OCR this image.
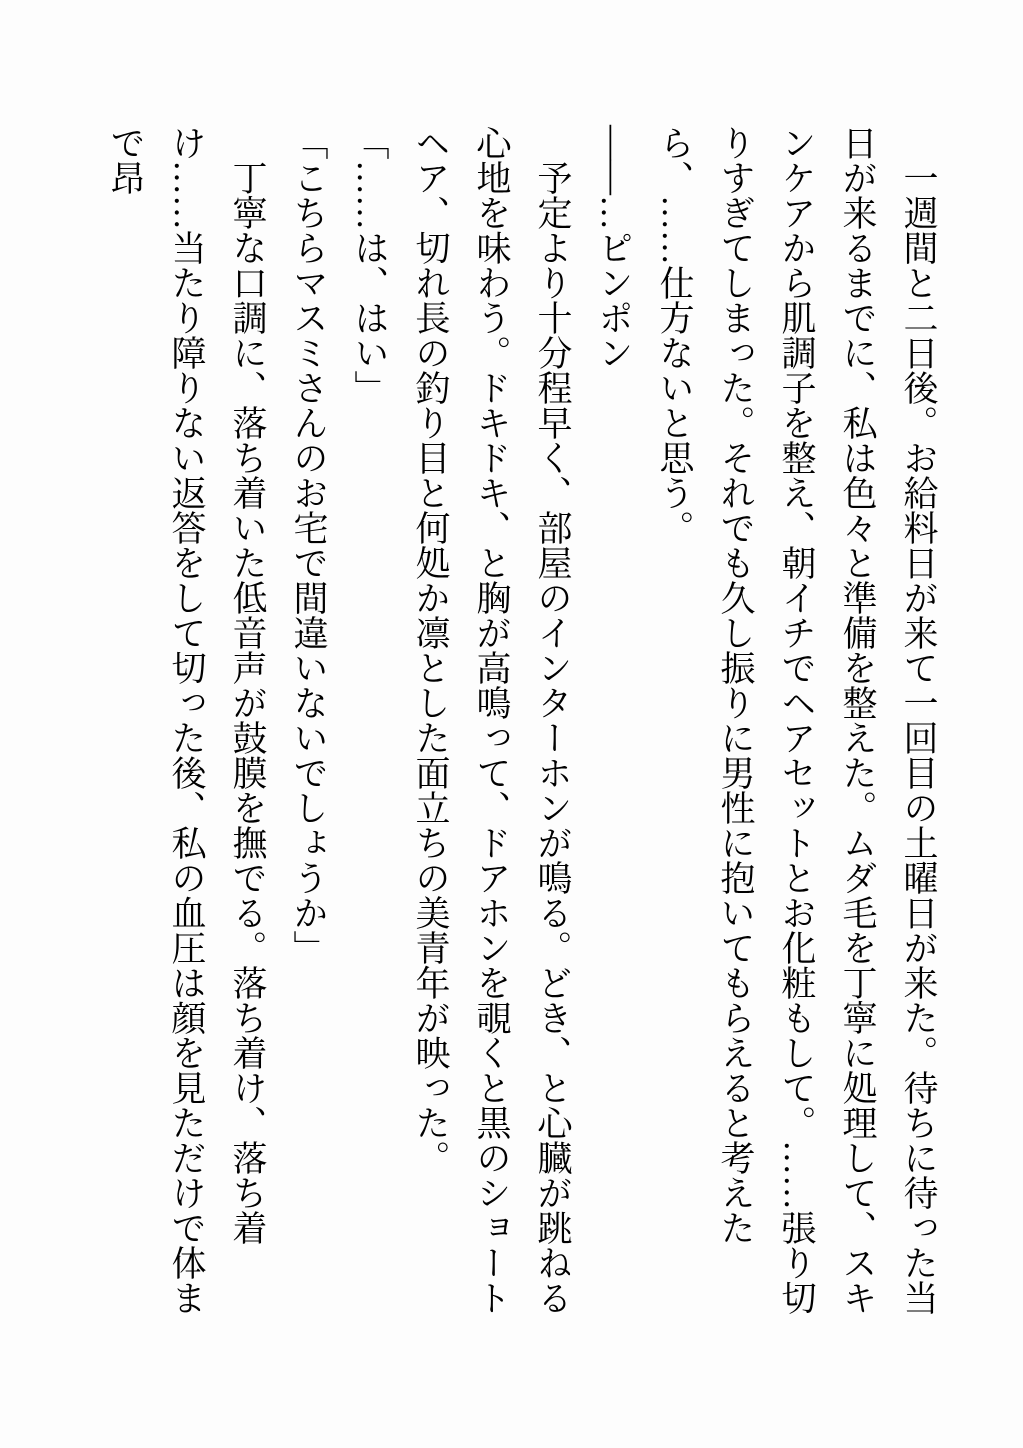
一週間と二日後。お給料日が来て一回目の土曜日が来た。待ちに待った当日が来るまでに、私は色々と準備を整えた。ムダ毛を丁寧に処理して、スキンケアから肌調子を整え、朝イチでヘアセットとお化粧もして。……張り切りすぎてしまった。それでも久し振りに男性に抱いてもらえると考えたら、……仕方ないと思う。

――…ピンポン

予定より十分程早く、部屋のインターホンが鳴る。どき、と心臓が跳ねる心地を味わう。ドキドキ、と胸が高鳴って、ドアホンを覗くと黒のショートヘア、切れ長の釣り目と何処か凛とした面立ちの美青年が映った。

「……は、はい」

「こちらマスミさんのお宅で間違いないでしょうか」

丁寧な口調に、落ち着いた低音声が鼓膜を撫でる。落ち着け、落ち着け……当たり障りない返答をして切った後、私の血圧は顔を見ただけで体まで昂
